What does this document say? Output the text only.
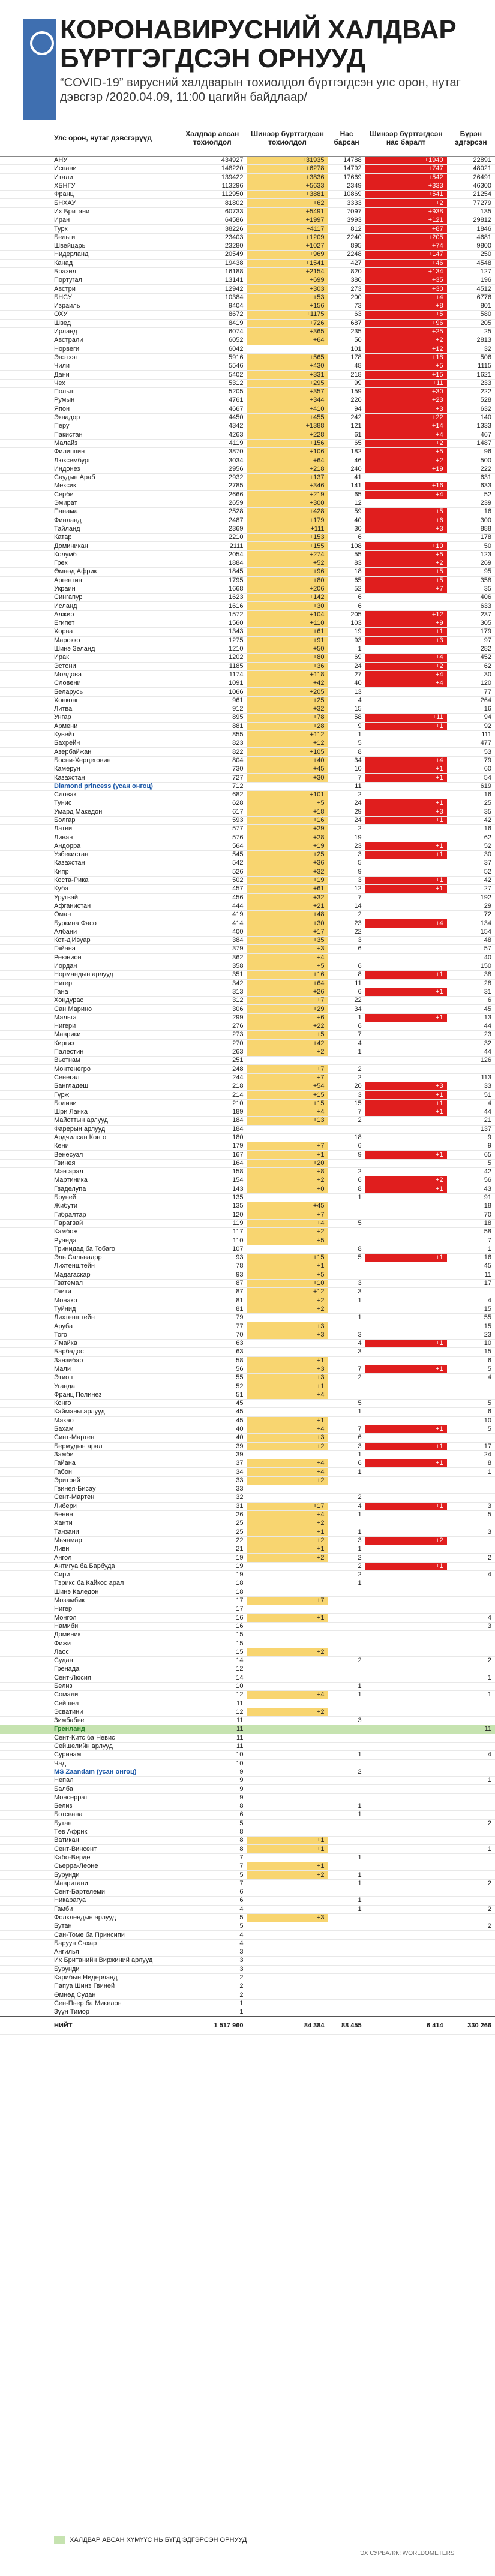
КОРОНАВИРУСНИЙ ХАЛДВАР БҮРТГЭГДСЭН ОРНУУД
“COVID-19” вирусний халдварын тохиолдол бүртгэгдсэн улс орон, нутаг дэвсгэр /2020.04.09, 11:00 цагийн байдлаар/
Улс орон, нутаг дэвсгэрүүд	Халдвар авсан тохиолдол	Шинээр бүртгэгдсэн тохиолдол	Нас барсан	Шинээр бүртгэгдсэн нас баралт	Бүрэн эдгэрсэн
АНУ	434927	+31935	14788	+1940	22891
Испани	148220	+6278	14792	+747	48021
Итали	139422	+3836	17669	+542	26491
ХБНГУ	113296	+5633	2349	+333	46300
Франц	112950	+3881	10869	+541	21254
БНХАУ	81802	+62	3333	+2	77279
Их Британи	60733	+5491	7097	+938	135
Иран	64586	+1997	3993	+121	29812
Турк	38226	+4117	812	+87	1846
Бельги	23403	+1209	2240	+205	4681
Швейцарь	23280	+1027	895	+74	9800
Нидерланд	20549	+969	2248	+147	250
Канад	19438	+1541	427	+46	4548
Бразил	16188	+2154	820	+134	127
Португал	13141	+699	380	+35	196
Австри	12942	+303	273	+30	4512
БНСУ	10384	+53	200	+4	6776
Израиль	9404	+156	73	+8	801
ОХУ	8672	+1175	63	+5	580
Швед	8419	+726	687	+96	205
Ирланд	6074	+365	235	+25	25
Австрали	6052	+64	50	+2	2813
Норвеги	6042		101	+12	32
Энэтхэг	5916	+565	178	+18	506
Чили	5546	+430	48	+5	1115
Дани	5402	+331	218	+15	1621
Чех	5312	+295	99	+11	233
Польш	5205	+357	159	+30	222
Румын	4761	+344	220	+23	528
Япон	4667	+410	94	+3	632
Эквадор	4450	+455	242	+22	140
Перу	4342	+1388	121	+14	1333
Пакистан	4263	+228	61	+4	467
Малайз	4119	+156	65	+2	1487
Филиппин	3870	+106	182	+5	96
Люксембург	3034	+64	46	+2	500
Индонез	2956	+218	240	+19	222
Саудын Араб	2932	+137	41		631
Мексик	2785	+346	141	+16	633
Серби	2666	+219	65	+4	52
Эмират	2659	+300	12		239
Панама	2528	+428	59	+5	16
Финланд	2487	+179	40	+6	300
Тайланд	2369	+111	30	+3	888
Катар	2210	+153	6		178
Доминикан	2111	+155	108	+10	50
Колумб	2054	+274	55	+5	123
Грек	1884	+52	83	+2	269
Өмнөд Африк	1845	+96	18	+5	95
Аргентин	1795	+80	65	+5	358
Украин	1668	+206	52	+7	35
Сингапур	1623	+142	6		406
Исланд	1616	+30	6		633
Алжир	1572	+104	205	+12	237
Египет	1560	+110	103	+9	305
Хорват	1343	+61	19	+1	179
Марокко	1275	+91	93	+3	97
Шинэ Зеланд	1210	+50	1		282
Ирак	1202	+80	69	+4	452
Эстони	1185	+36	24	+2	62
Молдова	1174	+118	27	+4	30
Словени	1091	+42	40	+4	120
Беларусь	1066	+205	13		77
Хонконг	961	+25	4		264
Литва	912	+32	15		16
Унгар	895	+78	58	+11	94
Армени	881	+28	9	+1	92
Кувейт	855	+112	1		111
Бахрейн	823	+12	5		477
Азербайжан	822	+105	8		53
Босни-Херцеговин	804	+40	34	+4	79
Камерун	730	+45	10	+1	60
Казахстан	727	+30	7	+1	54
Diamond princess (усан онгоц)	712		11		619
Словак	682	+101	2		16
Тунис	628	+5	24	+1	25
Умард Македон	617	+18	29	+3	35
Болгар	593	+16	24	+1	42
Латви	577	+29	2		16
Ливан	576	+28	19		62
Андорра	564	+19	23	+1	52
Узбекистан	545	+25	3	+1	30
Казахстан	542	+36	5		37
Кипр	526	+32	9		52
Коста-Рика	502	+19	3	+1	42
Куба	457	+61	12	+1	27
Уругвай	456	+32	7		192
Афганистан	444	+21	14		29
Оман	419	+48	2		72
Буркина Фасо	414	+30	23	+4	134
Албани	400	+17	22		154
Кот-д'Ивуар	384	+35	3		48
Гайана	379	+3	6		57
Реюнион	362	+4			40
Иордан	358	+5	6		150
Нормандын арлууд	351	+16	8	+1	38
Нигер	342	+64	11		28
Гана	313	+26	6	+1	31
Хондурас	312	+7	22		6
Сан Марино	306	+29	34		45
Мальта	299	+6	1	+1	13
Нигери	276	+22	6		44
Маврики	273	+5	7		23
Киргиз	270	+42	4		32
Палестин	263	+2	1		44
Вьетнам	251				126
Монтенегро	248	+7	2		
Сенегал	244	+7	2		113
Бангладеш	218	+54	20	+3	33
Гүрж	214	+15	3	+1	51
Боливи	210	+15	15	+1	4
Шри Ланка	189	+4	7	+1	44
Майоттын арлууд	184	+13	2		21
Фарерын арлууд	184				137
Ардчилсан Конго	180		18		9
Кени	179	+7	6		9
Венесуэл	167	+1	9	+1	65
Гвинея	164	+20			5
Мэн арал	158	+8	2		42
Мартиника	154	+2	6	+2	56
Гваделупа	143	+0	8	+1	43
Бруней	135		1		91
Жибути	135	+45			18
Гибралтар	120	+7			70
Парагвай	119	+4	5		18
Камбож	117	+2			58
Руанда	110	+5			7
Тринидад ба Тобаго	107		8		1
Эль Сальвадор	93	+15	5	+1	16
Лихтенштейн	78	+1			45
Мадагаскар	93	+5			11
Гватемал	87	+10	3		17
Гаити	87	+12	3		
Монако	81	+2	1		4
Туйнид	81	+2			15
Лихтенштейн	79		1		55
Аруба	77	+3			15
Того	70	+3	3		23
Ямайка	63		4	+1	10
Барбадос	63		3		15
Занзибар	58	+1			6
Мали	56	+3	7	+1	5
Этиоп	55	+3	2		4
Уганда	52	+1			
Франц Полинез	51	+4			
Конго	45		5		5
Кайманы арлууд	45		1		6
Макао	45	+1			10
Бахам	40	+4	7	+1	5
Синт-Мартен	40	+3	6		
Бермудын арал	39	+2	3	+1	17
Замби	39		1		24
Гайана	37	+4	6	+1	8
Габон	34	+4	1		1
Эритрей	33	+2			
Гвинея-Бисау	33				
Сент-Мартен	32		2		
Либери	31	+17	4	+1	3
Бенин	26	+4	1		5
Ханти	25	+2			
Танзани	25	+1	1		3
Мьянмар	22	+2	3	+2	
Ливи	21	+1	1		
Ангол	19	+2	2		2
Антигуа ба Барбуда	19		2	+1	
Сири	19		2		4
Тэрикс ба Кайкос арал	18		1		
Шинэ Каледон	18				
Мозамбик	17	+7			
Нигер	17				
Монгол	16	+1			4
Намиби	16				3
Доминик	15				
Фижи	15				
Лаос	15	+2			
Судан	14		2		2
Гренада	12				
Сент-Люсия	14				1
Белиз	10		1		
Сомали	12	+4	1		1
Сейшел	11				
Эсватини	12	+2			
Зимбабве	11		3		
Гренланд	11				11
Сент-Китс ба Невис	11				
Сейшелийн арлууд	11				
Суринам	10		1		4
Чад	10				
MS Zaandam (усан онгоц)	9		2		
Непал	9				1
Балба	9				
Монсеррат	9				
Белиз	8		1		
Ботсвана	6		1		
Бутан	5				2
Төв Африк	8				
Ватикан	8	+1			
Сент-Винсент	8	+1			1
Кабо-Верде	7		1		
Сьерра-Леоне	7	+1			
Бурунди	5	+2	1		
Мавритани	7		1		2
Сент-Бартелеми	6				
Никарагуа	6		1		
Гамби	4		1		2
Фолклендын арлууд	5	+3			
Бутан	5				2
Сан-Томе ба Принсипи	4				
Баруун Сахар	4				
Ангилья	3				
Их Британийн Виржиний арлууд	3				
Бурунди	3				
Карибын Нидерланд	2				
Папуа Шинэ Гвиней	2				
Өмнөд Судан	2				
Сен-Пьер ба Микелон	1				
Зүүн Тимор	1				
НИЙТ	1 517 960	84 384	88 455	6 414	330 266
ХАЛДВАР АВСАН ХҮМҮҮС НЬ БҮГД ЭДГЭРСЭН ОРНУУД
ЭХ СУРВАЛЖ: WORLDOMETERS
